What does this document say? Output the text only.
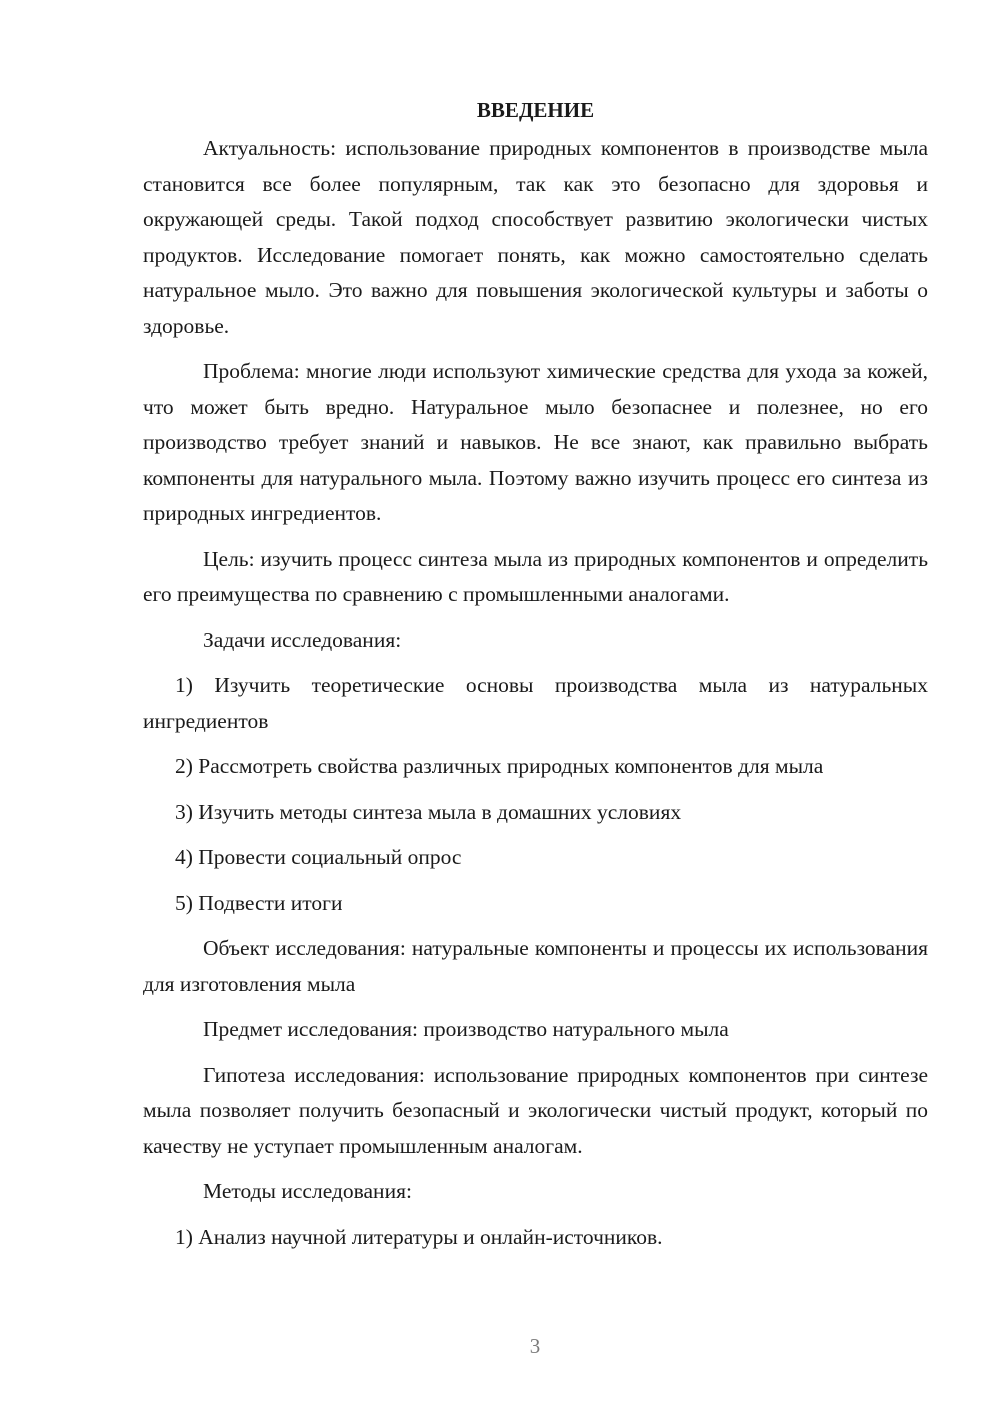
ВВЕДЕНИЕ

Актуальность: использование природных компонентов в производстве мыла становится все более популярным, так как это безопасно для здоровья и окружающей среды. Такой подход способствует развитию экологически чистых продуктов. Исследование помогает понять, как можно самостоятельно сделать натуральное мыло. Это важно для повышения экологической культуры и заботы о здоровье.

Проблема: многие люди используют химические средства для ухода за кожей, что может быть вредно. Натуральное мыло безопаснее и полезнее, но его производство требует знаний и навыков. Не все знают, как правильно выбрать компоненты для натурального мыла. Поэтому важно изучить процесс его синтеза из природных ингредиентов.

Цель: изучить процесс синтеза мыла из природных компонентов и определить его преимущества по сравнению с промышленными аналогами.

Задачи исследования:

1) Изучить теоретические основы производства мыла из натуральных ингредиентов

2) Рассмотреть свойства различных природных компонентов для мыла

3) Изучить методы синтеза мыла в домашних условиях

4) Провести социальный опрос

5) Подвести итоги

Объект исследования: натуральные компоненты и процессы их использования для изготовления мыла

Предмет исследования: производство натурального мыла

Гипотеза исследования: использование природных компонентов при синтезе мыла позволяет получить безопасный и экологически чистый продукт, который по качеству не уступает промышленным аналогам.

Методы исследования:

1) Анализ научной литературы и онлайн-источников.

3
